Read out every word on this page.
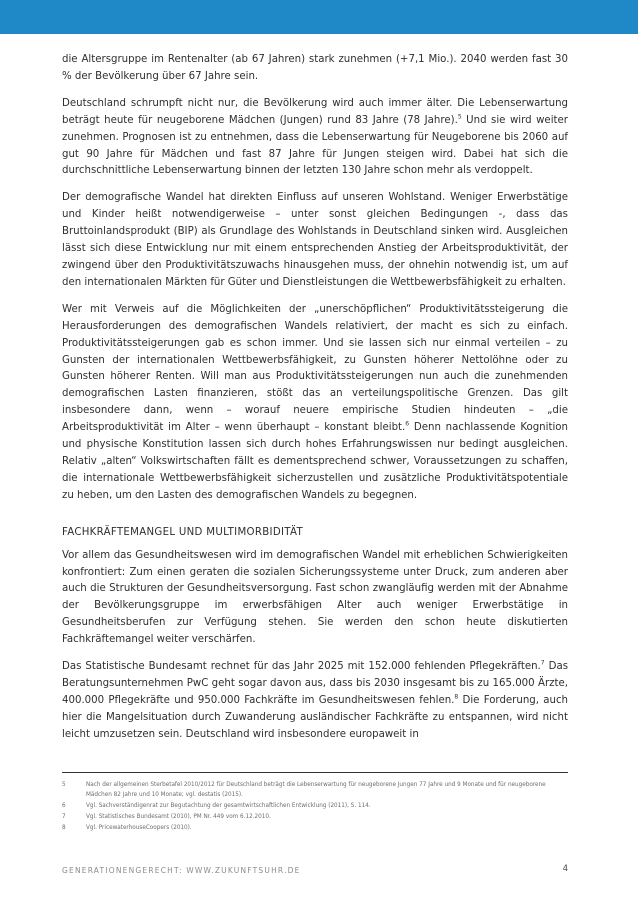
die Altersgruppe im Rentenalter (ab 67 Jahren) stark zunehmen (+7,1 Mio.). 2040 werden fast 30 % der Bevölkerung über 67 Jahre sein.

Deutschland schrumpft nicht nur, die Bevölkerung wird auch immer älter. Die Lebenserwartung beträgt heute für neugeborene Mädchen (Jungen) rund 83 Jahre (78 Jahre).$^5$ Und sie wird weiter zunehmen. Prognosen ist zu entnehmen, dass die Lebenserwartung für Neugeborene bis 2060 auf gut 90 Jahre für Mädchen und fast 87 Jahre für Jungen steigen wird. Dabei hat sich die durchschnittliche Lebenserwartung binnen der letzten 130 Jahre schon mehr als verdoppelt.

Der demografische Wandel hat direkten Einfluss auf unseren Wohlstand. Weniger Erwerbstätige und Kinder heißt notwendigerweise – unter sonst gleichen Bedingungen -, dass das Bruttoinlandsprodukt (BIP) als Grundlage des Wohlstands in Deutschland sinken wird. Ausgleichen lässt sich diese Entwicklung nur mit einem entsprechenden Anstieg der Arbeitsproduktivität, der zwingend über den Produktivitätszuwachs hinausgehen muss, der ohnehin notwendig ist, um auf den internationalen Märkten für Güter und Dienstleistungen die Wettbewerbsfähigkeit zu erhalten.

Wer mit Verweis auf die Möglichkeiten der „unerschöpflichen“ Produktivitätssteigerung die Herausforderungen des demografischen Wandels relativiert, der macht es sich zu einfach. Produktivitätssteigerungen gab es schon immer. Und sie lassen sich nur einmal verteilen – zu Gunsten der internationalen Wettbewerbsfähigkeit, zu Gunsten höherer Nettolöhne oder zu Gunsten höherer Renten. Will man aus Produktivitätssteigerungen nun auch die zunehmenden demografischen Lasten finanzieren, stößt das an verteilungspolitische Grenzen. Das gilt insbesondere dann, wenn – worauf neuere empirische Studien hindeuten – „die Arbeitsproduktivität im Alter – wenn überhaupt – konstant bleibt.$^6$ Denn nachlassende Kognition und physische Konstitution lassen sich durch hohes Erfahrungswissen nur bedingt ausgleichen. Relativ „alten“ Volkswirtschaften fällt es dementsprechend schwer, Voraussetzungen zu schaffen, die internationale Wettbewerbsfähigkeit sicherzustellen und zusätzliche Produktivitätspotentiale zu heben, um den Lasten des demografischen Wandels zu begegnen.

FACHKRÄFTEMANGEL UND MULTIMORBIDITÄT

Vor allem das Gesundheitswesen wird im demografischen Wandel mit erheblichen Schwierigkeiten konfrontiert: Zum einen geraten die sozialen Sicherungssysteme unter Druck, zum anderen aber auch die Strukturen der Gesundheitsversorgung. Fast schon zwangläufig werden mit der Abnahme der Bevölkerungsgruppe im erwerbsfähigen Alter auch weniger Erwerbstätige in Gesundheitsberufen zur Verfügung stehen. Sie werden den schon heute diskutierten Fachkräftemangel weiter verschärfen.

Das Statistische Bundesamt rechnet für das Jahr 2025 mit 152.000 fehlenden Pflegekräften.$^7$ Das Beratungsunternehmen PwC geht sogar davon aus, dass bis 2030 insgesamt bis zu 165.000 Ärzte, 400.000 Pflegekräfte und 950.000 Fachkräfte im Gesundheitswesen fehlen.$^8$ Die Forderung, auch hier die Mangelsituation durch Zuwanderung ausländischer Fachkräfte zu entspannen, wird nicht leicht umzusetzen sein. Deutschland wird insbesondere europaweit in

5	Nach der allgemeinen Sterbetafel 2010/2012 für Deutschland beträgt die Lebenserwartung für neugeborene Jungen 77 Jahre und 9 Monate und für neugeborene Mädchen 82 Jahre und 10 Monate; vgl. destatis (2015).
6	Vgl. Sachverständigenrat zur Begutachtung der gesamtwirtschaftlichen Entwicklung (2011), S. 114.
7	Vgl. Statistisches Bundesamt (2010), PM Nr. 449 vom 6.12.2010.
8	Vgl. PricewaterhouseCoopers (2010).
GENERATIONENGERECHT: WWW.ZUKUNFTSUHR.DE	4
